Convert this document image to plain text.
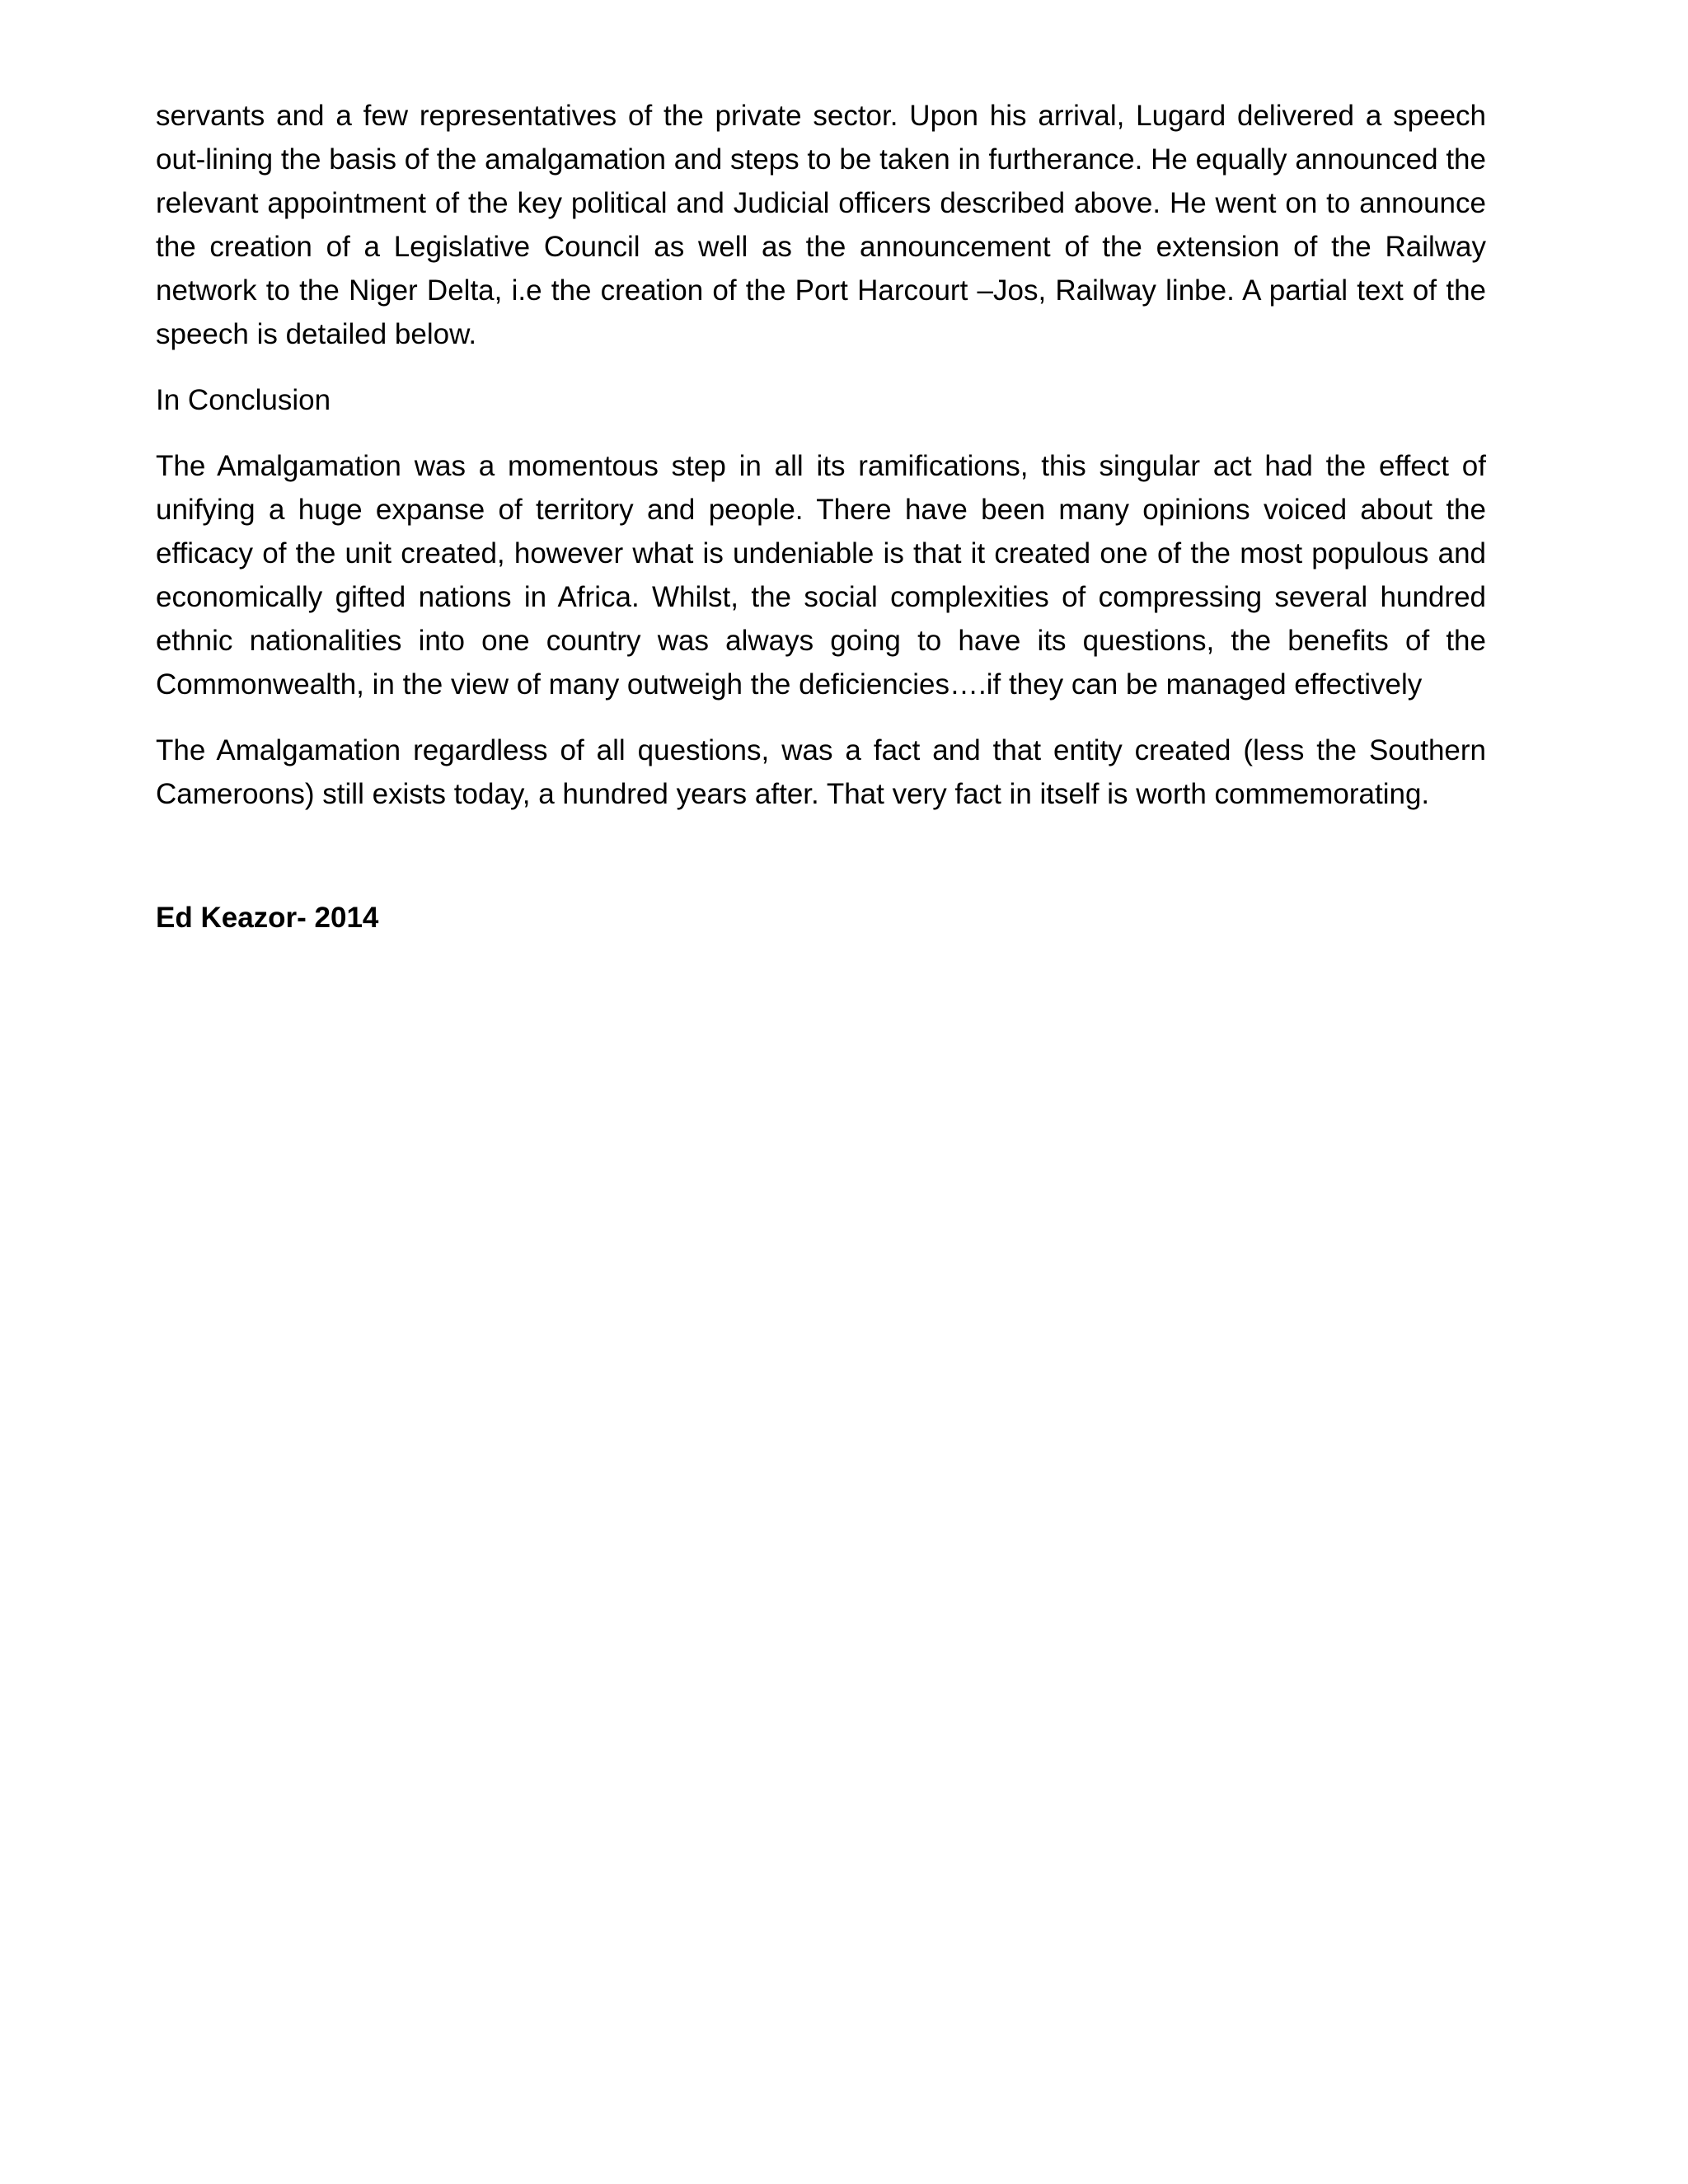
servants and a few representatives of the private sector. Upon his arrival, Lugard delivered a speech out-lining the basis of the amalgamation and steps to be taken in furtherance. He equally announced the relevant appointment of the key political and Judicial officers described above. He went on to announce the creation of a Legislative Council as well as the announcement of the extension of the Railway network to the Niger Delta, i.e the creation of the Port Harcourt –Jos, Railway linbe. A partial text of the speech is detailed below.

In Conclusion

The Amalgamation was a momentous step in all its ramifications, this singular act had the effect of unifying a huge expanse of territory and people. There have been many opinions voiced about the efficacy of the unit created, however what is undeniable is that it created one of the most populous and economically gifted nations in Africa. Whilst, the social complexities of compressing several hundred ethnic nationalities into one country was always going to have its questions, the benefits of the Commonwealth, in the view of many outweigh the deficiencies….if they can be managed effectively

The Amalgamation regardless of all questions, was a fact and that entity created (less the Southern Cameroons) still exists today, a hundred years after. That very fact in itself is worth commemorating.

Ed Keazor- 2014
